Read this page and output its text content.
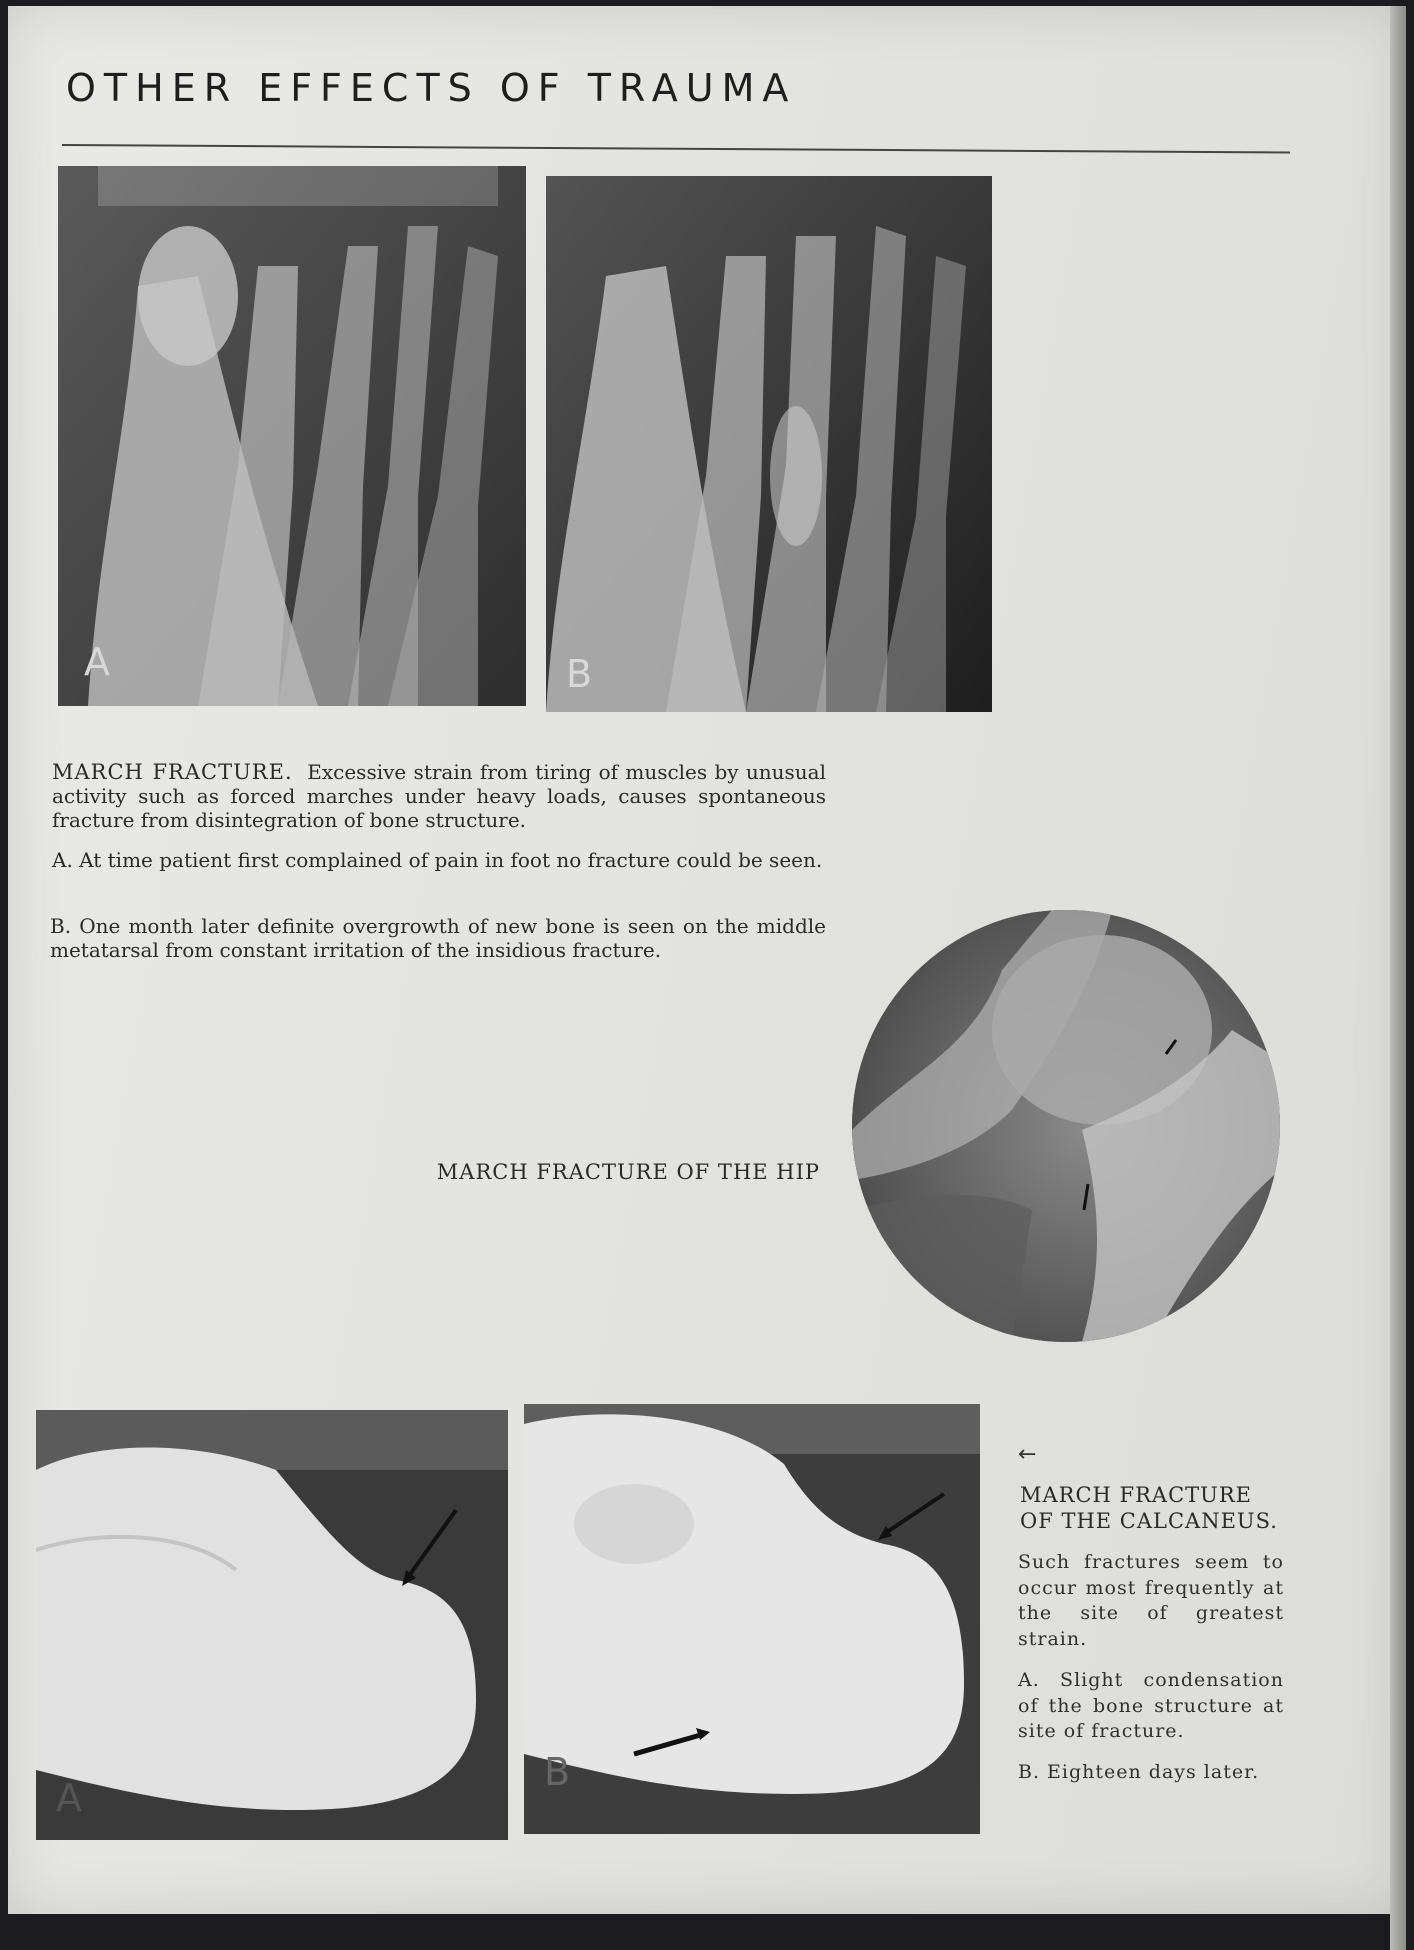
OTHER EFFECTS OF TRAUMA
A	B
MARCH FRACTURE. Excessive strain from tiring of muscles by unusual activity such as forced marches under heavy loads, causes spontaneous fracture from disintegration of bone structure.
A. At time patient first complained of pain in foot no fracture could be seen.
B. One month later definite overgrowth of new bone is seen on the middle metatarsal from constant irritation of the insidious fracture.
MARCH FRACTURE OF THE HIP
A
B
←
MARCH FRACTURE OF THE CALCANEUS.
Such fractures seem to occur most frequently at the site of greatest strain.
A. Slight condensation of the bone structure at site of fracture.
B. Eighteen days later.
